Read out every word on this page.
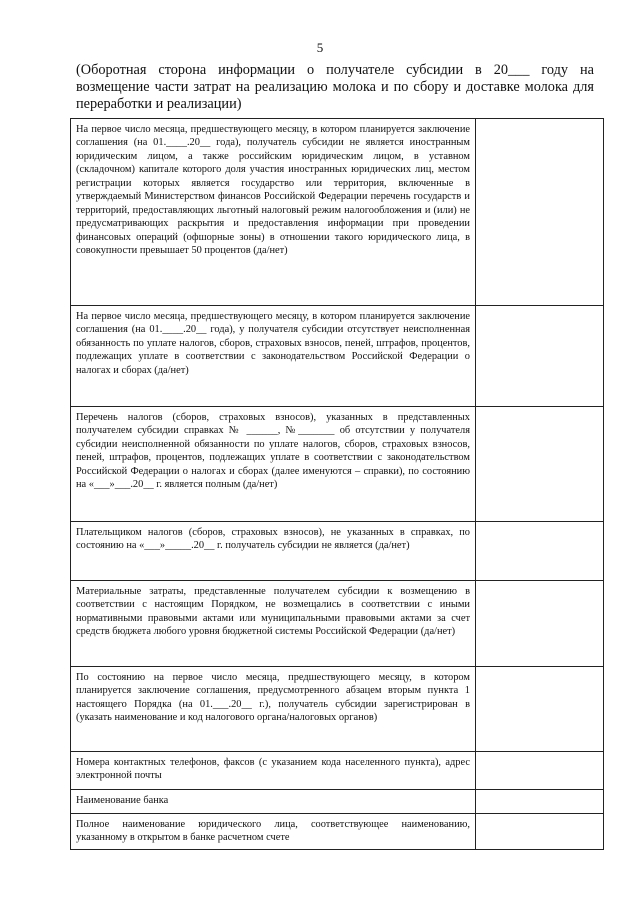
5
(Оборотная сторона информации о получателе субсидии в 20___ году на возмещение части затрат на реализацию молока и по сбору и доставке молока для переработки и реализации)
На первое число месяца, предшествующего месяцу, в котором планируется заключение соглашения (на 01.____.20__ года), получатель субсидии не является иностранным юридическим лицом, а также российским юридическим лицом, в уставном (складочном) капитале которого доля участия иностранных юридических лиц, местом регистрации которых является государство или территория, включенные в утверждаемый Министерством финансов Российской Федерации перечень государств и территорий, предоставляющих льготный налоговый режим налогообложения и (или) не предусматривающих раскрытия и предоставления информации при проведении финансовых операций (офшорные зоны) в отношении такого юридического лица, в совокупности превышает 50 процентов (да/нет)	
На первое число месяца, предшествующего месяцу, в котором планируется заключение соглашения (на 01.____.20__ года), у получателя субсидии отсутствует неисполненная обязанность по уплате налогов, сборов, страховых взносов, пеней, штрафов, процентов, подлежащих уплате в соответствии с законодательством Российской Федерации о налогах и сборах (да/нет)	
Перечень налогов (сборов, страховых взносов), указанных в представленных получателем субсидии справках № ______, №_______ об отсутствии у получателя субсидии неисполненной обязанности по уплате налогов, сборов, страховых взносов, пеней, штрафов, процентов, подлежащих уплате в соответствии с законодательством Российской Федерации о налогах и сборах (далее именуются – справки), по состоянию на «___»___.20__ г. является полным (да/нет)	
Плательщиком налогов (сборов, страховых взносов), не указанных в справках, по состоянию на «___»_____.20__ г. получатель субсидии не является (да/нет)	
Материальные затраты, представленные получателем субсидии к возмещению в соответствии с настоящим Порядком, не возмещались в соответствии с иными нормативными правовыми актами или муниципальными правовыми актами за счет средств бюджета любого уровня бюджетной системы Российской Федерации (да/нет)	
По состоянию на первое число месяца, предшествующего месяцу, в котором планируется заключение соглашения, предусмотренного абзацем вторым пункта 1 настоящего Порядка (на 01.___.20__ г.), получатель субсидии зарегистрирован в (указать наименование и код налогового органа/налоговых органов)	
Номера контактных телефонов, факсов (с указанием кода населенного пункта), адрес электронной почты	
Наименование банка	
Полное наименование юридического лица, соответствующее наименованию, указанному в открытом в банке расчетном счете	
